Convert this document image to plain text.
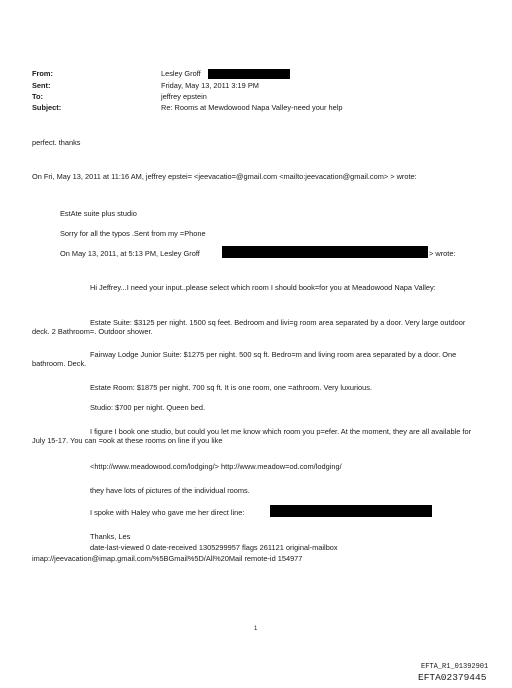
From:	Lesley Groff
Sent:	Friday, May 13, 2011 3:19 PM
To:	jeffrey epstein
Subject:	Re: Rooms at Mewdowood Napa Valley-need your help
perfect. thanks
On Fri, May 13, 2011 at 11:16 AM, jeffrey epstei= <jeevacatio=@gmail.com <mailto:jeevacation@gmail.com> > wrote:
EstAte suite plus studio
Sorry for all the typos .Sent from my =Phone
On May 13, 2011, at 5:13 PM, Lesley Groff	> wrote:
Hi Jeffrey...I need your input..please select which room I should book=for you at Meadowood Napa Valley:
Estate Suite: $3125 per night. 1500 sq feet. Bedroom and livi=g room area separated by a door. Very large outdoor deck. 2 Bathroom=. Outdoor shower.
Fairway Lodge Junior Suite: $1275 per night. 500 sq ft. Bedro=m and living room area separated by a door. One bathroom. Deck.
Estate Room: $1875 per night. 700 sq ft. It is one room, one =athroom. Very luxurious.
Studio: $700 per night. Queen bed.
I figure I book one studio, but could you let me know which room you p=efer. At the moment, they are all available for July 15-17. You can =ook at these rooms on line if you like
<http://www.meadowood.com/lodging/> http://www.meadow=od.com/lodging/
they have lots of pictures of the individual rooms.
I spoke with Haley who gave me her direct line:
Thanks, Les
date-last-viewed 0 date-received 1305299957 flags 261121 original-mailbox
imap://jeevacation@imap.gmail.com/%5BGmail%5D/All%20Mail remote-id 154977
1
EFTA_R1_01392901
EFTA02379445
